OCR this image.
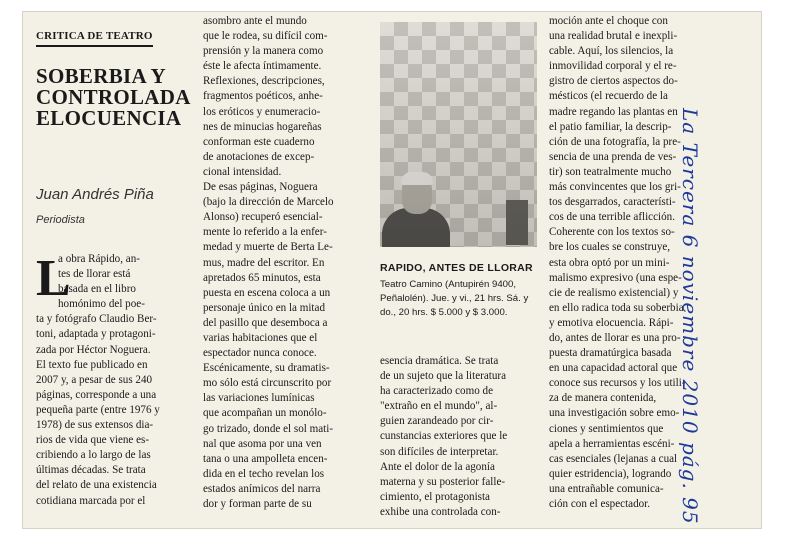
CRITICA DE TEATRO
SOBERBIA Y CONTROLADA ELOCUENCIA
Juan Andrés Piña
Periodista
L
a obra Rápido, an-
tes de llorar está
basada en el libro
homónimo del poe-
ta y fotógrafo Claudio Ber-
toni, adaptada y protagoni-
zada por Héctor Noguera.
El texto fue publicado en
2007 y, a pesar de sus 240
páginas, corresponde a una
pequeña parte (entre 1976 y
1978) de sus extensos dia-
rios de vida que viene es-
cribiendo a lo largo de las
últimas décadas. Se trata
del relato de una existencia
cotidiana marcada por el
asombro ante el mundo
que le rodea, su difícil com-
prensión y la manera como
éste le afecta íntimamente.
Reflexiones, descripciones,
fragmentos poéticos, anhe-
los eróticos y enumeracio-
nes de minucias hogareñas
conforman este cuaderno
de anotaciones de excep-
cional intensidad.
De esas páginas, Noguera
(bajo la dirección de Marcelo
Alonso) recuperó esencial-
mente lo referido a la enfer-
medad y muerte de Berta Le-
mus, madre del escritor. En
apretados 65 minutos, esta
puesta en escena coloca a un
personaje único en la mitad
del pasillo que desemboca a
varias habitaciones que el
espectador nunca conoce.
Escénicamente, su dramatis-
mo sólo está circunscrito por
las variaciones lumínicas
que acompañan un monólo-
go trizado, donde el sol mati-
nal que asoma por una ven
tana o una ampolleta encen-
dida en el techo revelan los
estados anímicos del narra
dor y forman parte de su
RAPIDO, ANTES DE LLORAR
Teatro Camino (Antupirén 9400,
Peñalolén). Jue. y vi., 21 hrs. Sá. y
do., 20 hrs. $ 5.000 y $ 3.000.
esencia dramática. Se trata
de un sujeto que la literatura
ha caracterizado como de
"extraño en el mundo", al-
guien zarandeado por cir-
cunstancias exteriores que le
son difíciles de interpretar.
Ante el dolor de la agonía
materna y su posterior falle-
cimiento, el protagonista
exhibe una controlada con-
moción ante el choque con
una realidad brutal e inexpli-
cable. Aquí, los silencios, la
inmovilidad corporal y el re-
gistro de ciertos aspectos do-
mésticos (el recuerdo de la
madre regando las plantas en
el patio familiar, la descrip-
ción de una fotografía, la pre-
sencia de una prenda de ves-
tir) son teatralmente mucho
más convincentes que los gri-
tos desgarrados, característi-
cos de una terrible aflicción.
Coherente con los textos so-
bre los cuales se construye,
esta obra optó por un mini-
malismo expresivo (una espe-
cie de realismo existencial) y
en ello radica toda su soberbia
y emotiva elocuencia. Rápi-
do, antes de llorar es una pro-
puesta dramatúrgica basada
en una capacidad actoral que
conoce sus recursos y los utili-
za de manera contenida,
una investigación sobre emo-
ciones y sentimientos que
apela a herramientas escéni-
cas esenciales (lejanas a cual
quier estridencia), logrando
una entrañable comunica-
ción con el espectador.	La Tercera 6 noviembre 2010 pág. 95
